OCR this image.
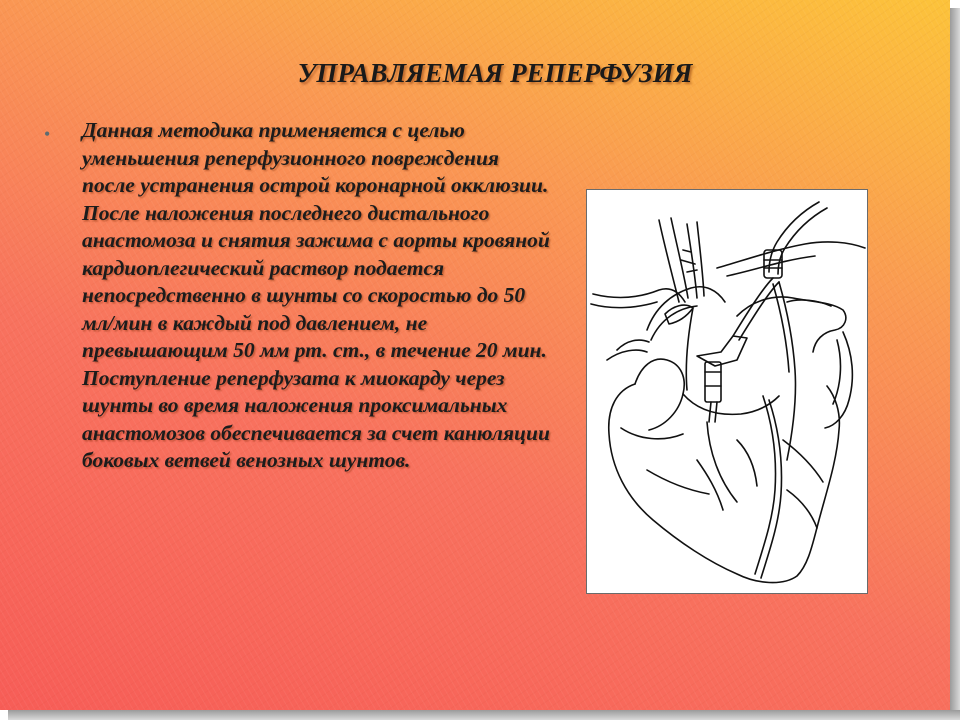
УПРАВЛЯЕМАЯ РЕПЕРФУЗИЯ
• Данная методика применяется с целью уменьшения реперфузионного повреждения после устранения острой коронарной окклюзии. После наложения последнего дистального анастомоза и снятия зажима с аорты кровяной кардиоплегический раствор подается непосредственно в шунты со скоростью до 50 мл/мин в каждый под давлением, не превышающим 50 мм рт. ст., в течение 20 мин. Поступление реперфузата к миокарду через шунты во время наложения проксимальных анастомозов обеспечивается за счет канюляции боковых ветвей венозных шунтов.
